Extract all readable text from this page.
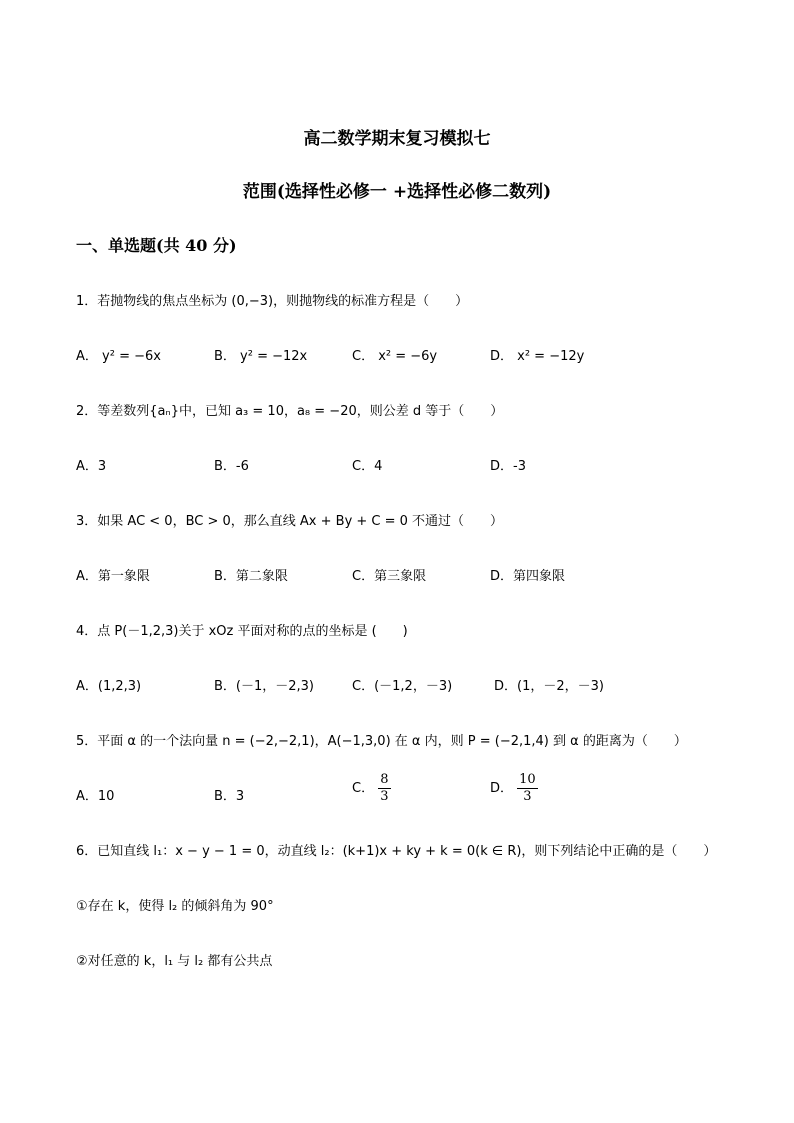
高二数学期末复习模拟七
范围(选择性必修一 +选择性必修二数列)
一、单选题(共 40 分)
1．若抛物线的焦点坐标为 (0,−3)，则抛物线的标准方程是（　　）
A． y² = −6x	B． y² = −12x	C． x² = −6y	D． x² = −12y
2．等差数列{aₙ}中，已知 a₃ = 10，a₈ = −20，则公差 d 等于（　　）
A．3	B．-6	C．4	D．-3
3．如果 AC < 0，BC > 0，那么直线 Ax + By + C = 0 不通过（　　）
A．第一象限	B．第二象限	C．第三象限	D．第四象限
4．点 P(－1,2,3)关于 xOz 平面对称的点的坐标是 (　　)
A．(1,2,3)	B．(－1，－2,3)	C．(－1,2，－3)	D．(1，－2，－3)
5．平面 α 的一个法向量 n = (−2,−2,1)，A(−1,3,0) 在 α 内，则 P = (−2,1,4) 到 α 的距离为（　　）
A．10	B．3
C． $\frac{8}{3}$	D． $\frac{10}{3}$
6．已知直线 l₁：x − y − 1 = 0，动直线 l₂：(k+1)x + ky + k = 0(k ∈ R)，则下列结论中正确的是（　　）
①存在 k，使得 l₂ 的倾斜角为 90°
②对任意的 k，l₁ 与 l₂ 都有公共点
